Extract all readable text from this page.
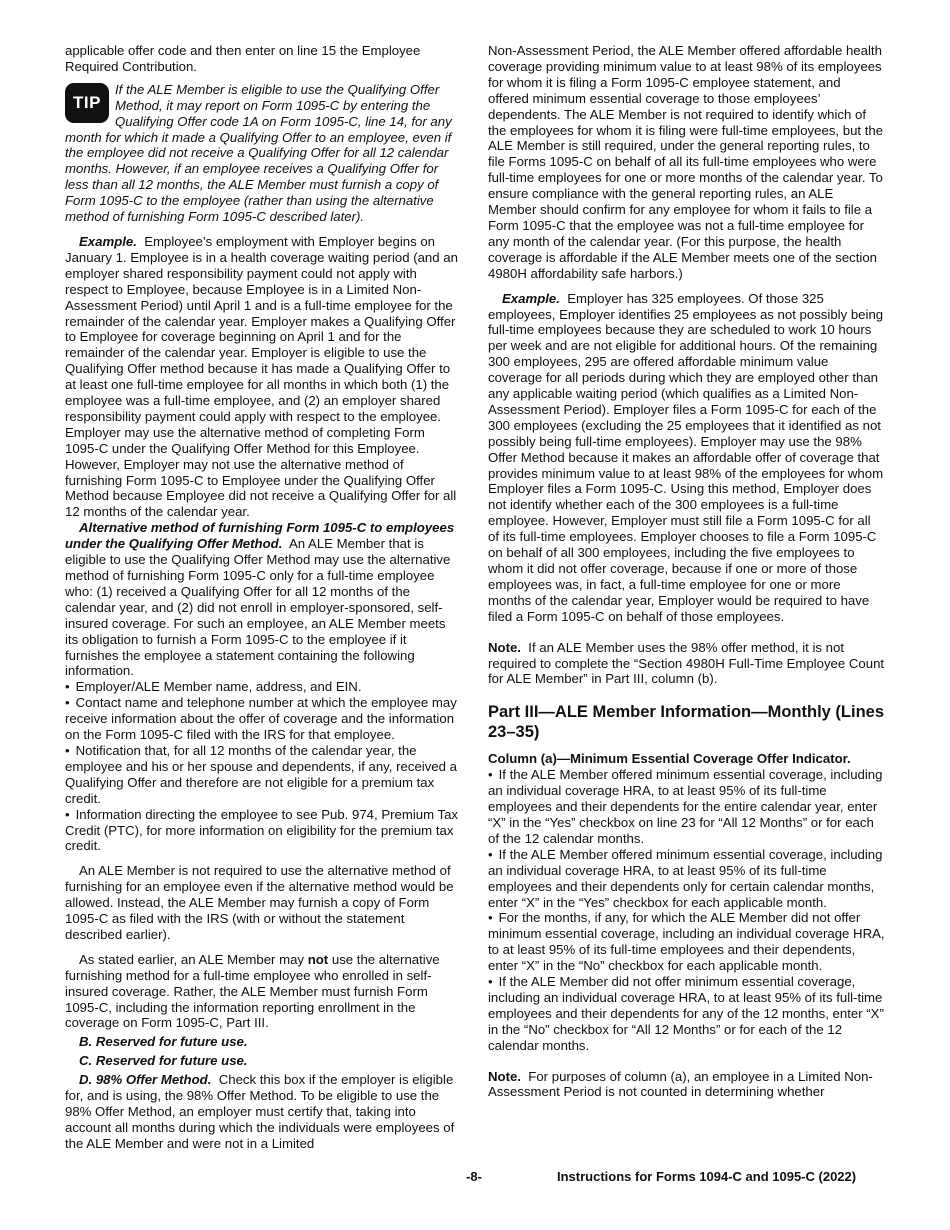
applicable offer code and then enter on line 15 the Employee Required Contribution.

TIP
If the ALE Member is eligible to use the Qualifying Offer Method, it may report on Form 1095-C by entering the Qualifying Offer code 1A on Form 1095-C, line 14, for any month for which it made a Qualifying Offer to an employee, even if the employee did not receive a Qualifying Offer for all 12 calendar months. However, if an employee receives a Qualifying Offer for less than all 12 months, the ALE Member must furnish a copy of Form 1095-C to the employee (rather than using the alternative method of furnishing Form 1095-C described later).

Example. Employee’s employment with Employer begins on January 1. Employee is in a health coverage waiting period (and an employer shared responsibility payment could not apply with respect to Employee, because Employee is in a Limited Non-Assessment Period) until April 1 and is a full-time employee for the remainder of the calendar year. Employer makes a Qualifying Offer to Employee for coverage beginning on April 1 and for the remainder of the calendar year. Employer is eligible to use the Qualifying Offer method because it has made a Qualifying Offer to at least one full-time employee for all months in which both (1) the employee was a full-time employee, and (2) an employer shared responsibility payment could apply with respect to the employee. Employer may use the alternative method of completing Form 1095-C under the Qualifying Offer Method for this Employee. However, Employer may not use the alternative method of furnishing Form 1095-C to Employee under the Qualifying Offer Method because Employee did not receive a Qualifying Offer for all 12 months of the calendar year.

Alternative method of furnishing Form 1095-C to employees under the Qualifying Offer Method. An ALE Member that is eligible to use the Qualifying Offer Method may use the alternative method of furnishing Form 1095-C only for a full-time employee who: (1) received a Qualifying Offer for all 12 months of the calendar year, and (2) did not enroll in employer-sponsored, self-insured coverage. For such an employee, an ALE Member meets its obligation to furnish a Form 1095-C to the employee if it furnishes the employee a statement containing the following information.

• Employer/ALE Member name, address, and EIN.

• Contact name and telephone number at which the employee may receive information about the offer of coverage and the information on the Form 1095-C filed with the IRS for that employee.

• Notification that, for all 12 months of the calendar year, the employee and his or her spouse and dependents, if any, received a Qualifying Offer and therefore are not eligible for a premium tax credit.

• Information directing the employee to see Pub. 974, Premium Tax Credit (PTC), for more information on eligibility for the premium tax credit.

An ALE Member is not required to use the alternative method of furnishing for an employee even if the alternative method would be allowed. Instead, the ALE Member may furnish a copy of Form 1095-C as filed with the IRS (with or without the statement described earlier).

As stated earlier, an ALE Member may not use the alternative furnishing method for a full-time employee who enrolled in self-insured coverage. Rather, the ALE Member must furnish Form 1095-C, including the information reporting enrollment in the coverage on Form 1095-C, Part III.

B. Reserved for future use.

C. Reserved for future use.

D. 98% Offer Method. Check this box if the employer is eligible for, and is using, the 98% Offer Method. To be eligible to use the 98% Offer Method, an employer must certify that, taking into account all months during which the individuals were employees of the ALE Member and were not in a Limited

Non-Assessment Period, the ALE Member offered affordable health coverage providing minimum value to at least 98% of its employees for whom it is filing a Form 1095-C employee statement, and offered minimum essential coverage to those employees’ dependents. The ALE Member is not required to identify which of the employees for whom it is filing were full-time employees, but the ALE Member is still required, under the general reporting rules, to file Forms 1095-C on behalf of all its full-time employees who were full-time employees for one or more months of the calendar year. To ensure compliance with the general reporting rules, an ALE Member should confirm for any employee for whom it fails to file a Form 1095-C that the employee was not a full-time employee for any month of the calendar year. (For this purpose, the health coverage is affordable if the ALE Member meets one of the section 4980H affordability safe harbors.)

Example. Employer has 325 employees. Of those 325 employees, Employer identifies 25 employees as not possibly being full-time employees because they are scheduled to work 10 hours per week and are not eligible for additional hours. Of the remaining 300 employees, 295 are offered affordable minimum value coverage for all periods during which they are employed other than any applicable waiting period (which qualifies as a Limited Non-Assessment Period). Employer files a Form 1095-C for each of the 300 employees (excluding the 25 employees that it identified as not possibly being full-time employees). Employer may use the 98% Offer Method because it makes an affordable offer of coverage that provides minimum value to at least 98% of the employees for whom Employer files a Form 1095-C. Using this method, Employer does not identify whether each of the 300 employees is a full-time employee. However, Employer must still file a Form 1095-C for all of its full-time employees. Employer chooses to file a Form 1095-C on behalf of all 300 employees, including the five employees to whom it did not offer coverage, because if one or more of those employees was, in fact, a full-time employee for one or more months of the calendar year, Employer would be required to have filed a Form 1095-C on behalf of those employees.

Note. If an ALE Member uses the 98% offer method, it is not required to complete the “Section 4980H Full-Time Employee Count for ALE Member” in Part III, column (b).

Part III—ALE Member Information—Monthly (Lines 23–35)

Column (a)—Minimum Essential Coverage Offer Indicator.

• If the ALE Member offered minimum essential coverage, including an individual coverage HRA, to at least 95% of its full-time employees and their dependents for the entire calendar year, enter “X” in the “Yes” checkbox on line 23 for “All 12 Months” or for each of the 12 calendar months.

• If the ALE Member offered minimum essential coverage, including an individual coverage HRA, to at least 95% of its full-time employees and their dependents only for certain calendar months, enter “X” in the “Yes” checkbox for each applicable month.

• For the months, if any, for which the ALE Member did not offer minimum essential coverage, including an individual coverage HRA, to at least 95% of its full-time employees and their dependents, enter “X” in the “No” checkbox for each applicable month.

• If the ALE Member did not offer minimum essential coverage, including an individual coverage HRA, to at least 95% of its full-time employees and their dependents for any of the 12 months, enter “X” in the “No” checkbox for “All 12 Months” or for each of the 12 calendar months.

Note. For purposes of column (a), an employee in a Limited Non-Assessment Period is not counted in determining whether

-8-	Instructions for Forms 1094-C and 1095-C (2022)
